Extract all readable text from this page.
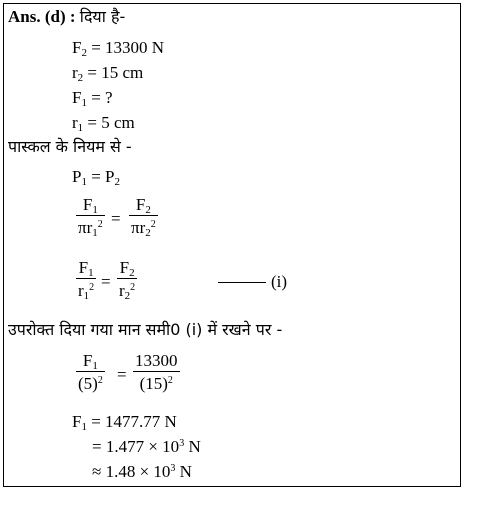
Ans. (d) : दिया है-
$F_2 = 13300$ N
$r_2 = 15$ cm
$F_1$ = ?
$r_1 = 5$ cm
पास्कल के नियम से -
$P_1 = P_2$
$F_1$
$\pi r_1^2$ =
$F_2$
$\pi r_2^2$
$F_1$
$r_1^2$ =
$F_2$
$r_2^2$	(i)
उपरोक्त दिया गया मान समी0 (i) में रखने पर -
$F_1$
$(5)^2$ =
13300
$(15)^2$
$F_1 = 1477.77$ N
= $1.477 \times 10^3$ N
≈ $1.48 \times 10^3$ N
